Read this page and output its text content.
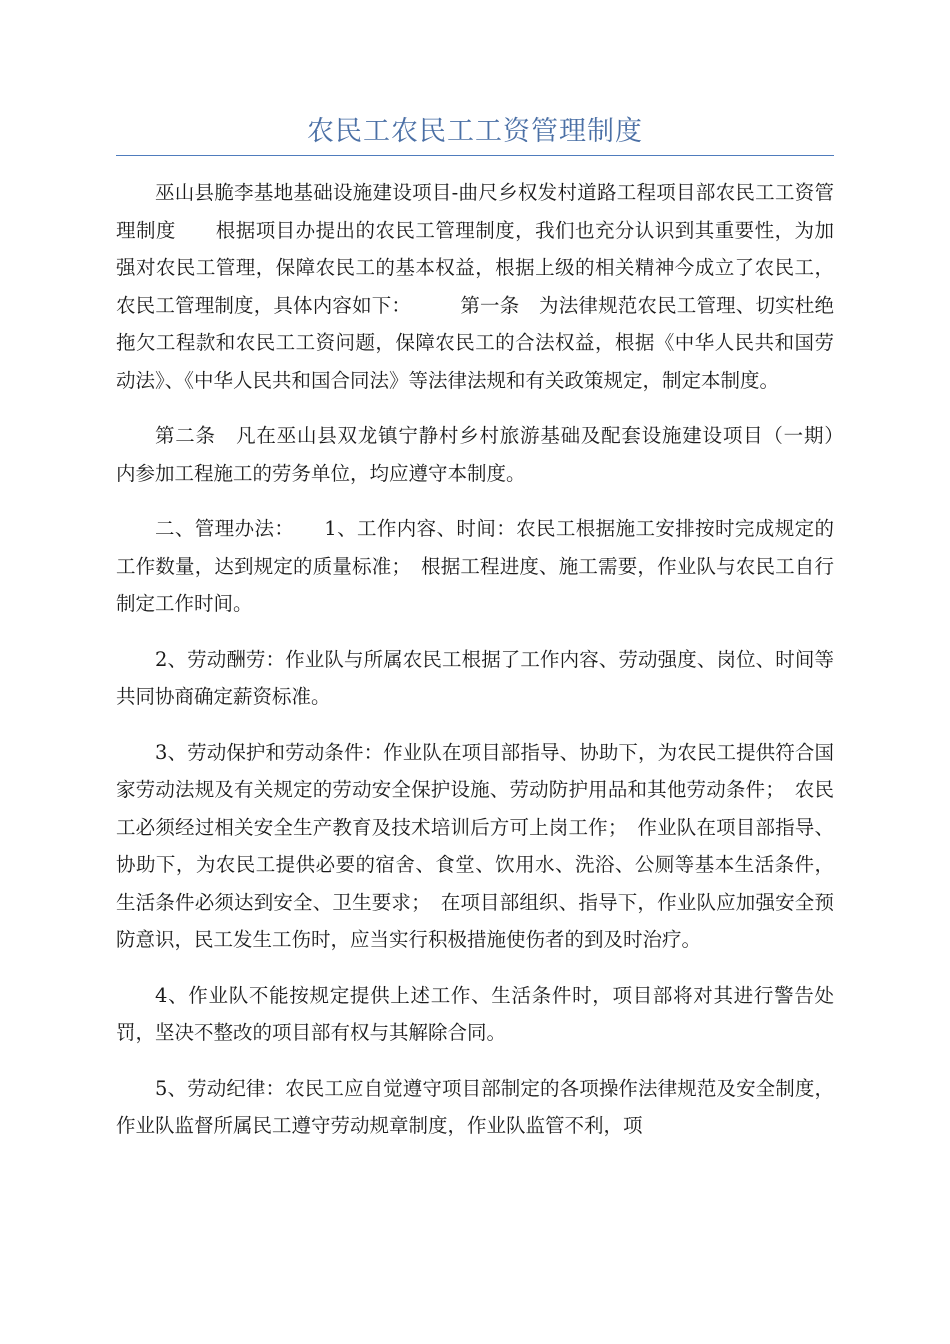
农民工农民工工资管理制度

巫山县脆李基地基础设施建设项目-曲尺乡权发村道路工程项目部农民工工资管理制度　　根据项目办提出的农民工管理制度，我们也充分认识到其重要性，为加强对农民工管理，保障农民工的基本权益，根据上级的相关精神今成立了农民工，农民工管理制度，具体内容如下：　　　第一条　为法律规范农民工管理、切实杜绝拖欠工程款和农民工工资问题，保障农民工的合法权益，根据《中华人民共和国劳动法》、《中华人民共和国合同法》等法律法规和有关政策规定，制定本制度。

第二条　凡在巫山县双龙镇宁静村乡村旅游基础及配套设施建设项目（一期）　内参加工程施工的劳务单位，均应遵守本制度。

二、管理办法：　　1、工作内容、时间：农民工根据施工安排按时完成规定的工作数量，达到规定的质量标准；　根据工程进度、施工需要，作业队与农民工自行制定工作时间。

2、劳动酬劳：作业队与所属农民工根据了工作内容、劳动强度、岗位、时间等共同协商确定薪资标准。

3、劳动保护和劳动条件：作业队在项目部指导、协助下，为农民工提供符合国家劳动法规及有关规定的劳动安全保护设施、劳动防护用品和其他劳动条件；　农民工必须经过相关安全生产教育及技术培训后方可上岗工作；　作业队在项目部指导、协助下，为农民工提供必要的宿舍、食堂、饮用水、洗浴、公厕等基本生活条件，生活条件必须达到安全、卫生要求；　在项目部组织、指导下，作业队应加强安全预防意识，民工发生工伤时，应当实行积极措施使伤者的到及时治疗。

4、作业队不能按规定提供上述工作、生活条件时，项目部将对其进行警告处罚，坚决不整改的项目部有权与其解除合同。

5、劳动纪律：农民工应自觉遵守项目部制定的各项操作法律规范及安全制度，作业队监督所属民工遵守劳动规章制度，作业队监管不利，项
